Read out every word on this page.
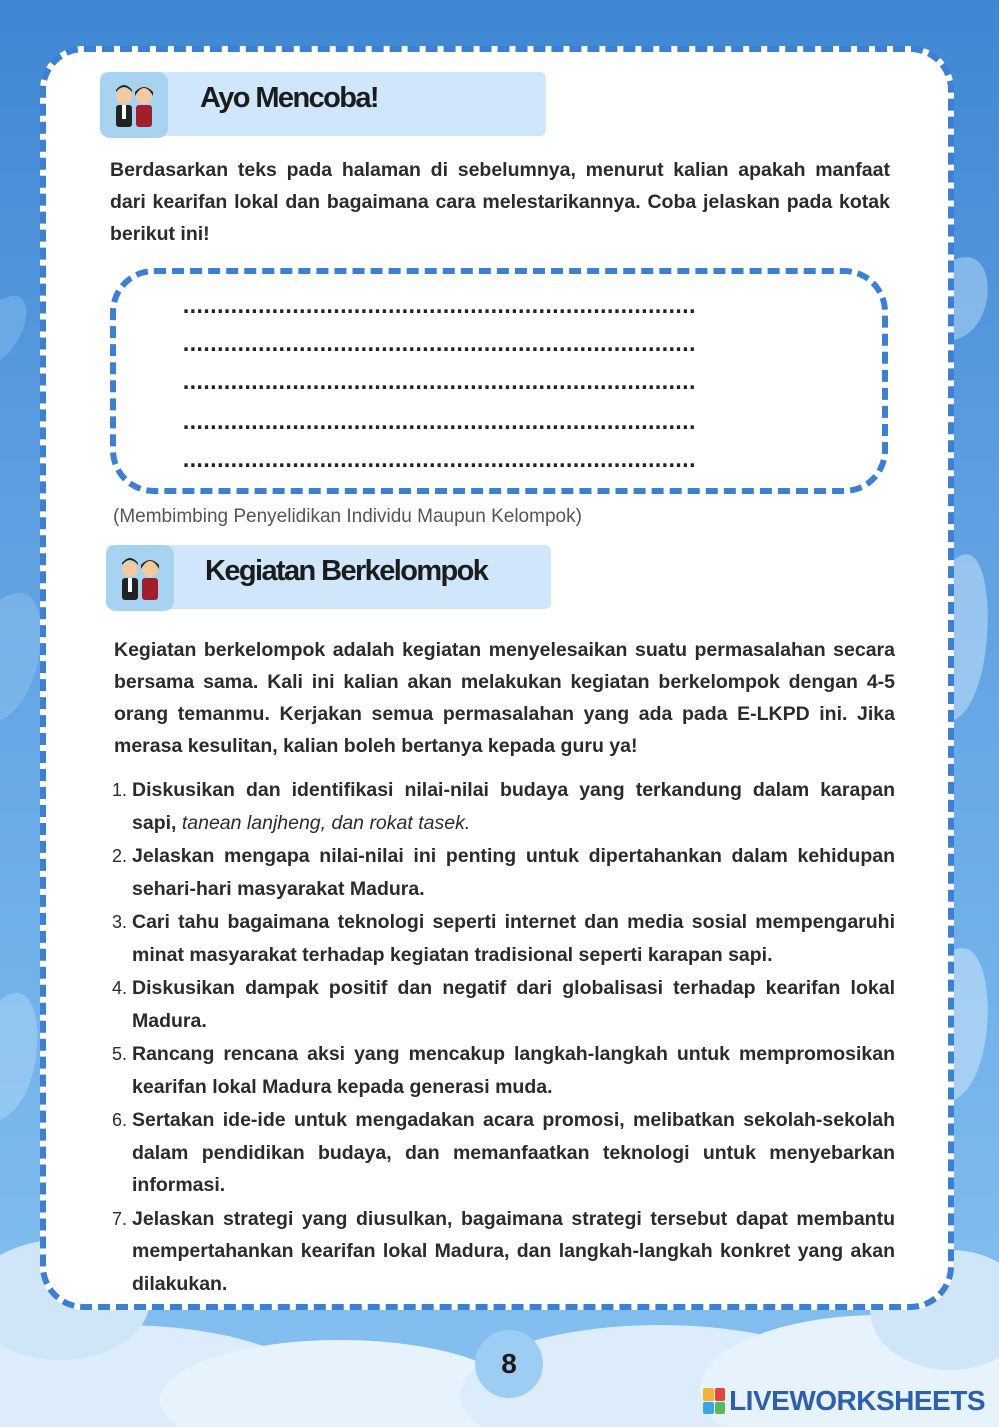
Ayo Mencoba!
Berdasarkan teks pada halaman di sebelumnya, menurut kalian apakah manfaat dari kearifan lokal dan bagaimana cara melestarikannya. Coba jelaskan pada kotak berikut ini!
...........................................................................
...........................................................................
...........................................................................
...........................................................................
...........................................................................
(Membimbing Penyelidikan Individu Maupun Kelompok)
Kegiatan Berkelompok
Kegiatan berkelompok adalah kegiatan menyelesaikan suatu permasalahan secara bersama sama. Kali ini kalian akan melakukan kegiatan berkelompok dengan 4-5 orang temanmu. Kerjakan semua permasalahan yang ada pada E-LKPD ini. Jika merasa kesulitan, kalian boleh bertanya kepada guru ya!
1. Diskusikan dan identifikasi nilai-nilai budaya yang terkandung dalam karapan sapi, tanean lanjheng, dan rokat tasek.
2. Jelaskan mengapa nilai-nilai ini penting untuk dipertahankan dalam kehidupan sehari-hari masyarakat Madura.
3. Cari tahu bagaimana teknologi seperti internet dan media sosial mempengaruhi minat masyarakat terhadap kegiatan tradisional seperti karapan sapi.
4. Diskusikan dampak positif dan negatif dari globalisasi terhadap kearifan lokal Madura.
5. Rancang rencana aksi yang mencakup langkah-langkah untuk mempromosikan kearifan lokal Madura kepada generasi muda.
6. Sertakan ide-ide untuk mengadakan acara promosi, melibatkan sekolah-sekolah dalam pendidikan budaya, dan memanfaatkan teknologi untuk menyebarkan informasi.
7. Jelaskan strategi yang diusulkan, bagaimana strategi tersebut dapat membantu mempertahankan kearifan lokal Madura, dan langkah-langkah konkret yang akan dilakukan.
8
LIVEWORKSHEETS
